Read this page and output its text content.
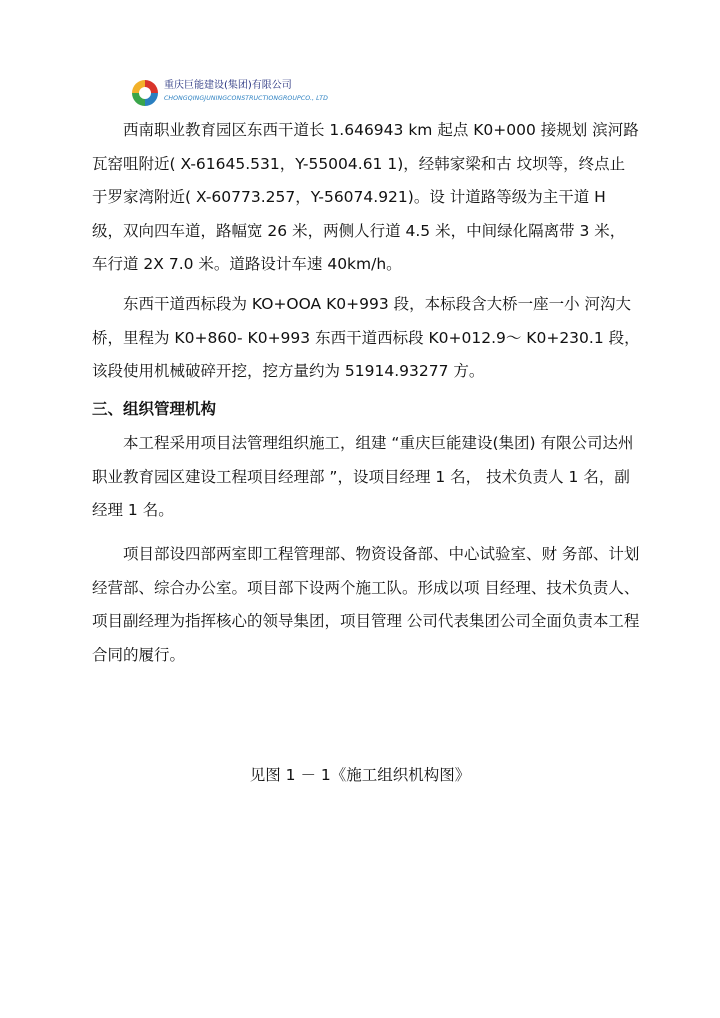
重庆巨能建设(集团)有限公司
CHONGQINGJUNINGCONSTRUCTIONGROUPCO., LTD

西南职业教育园区东西干道长 1.646943 km 起点 K0+000 接规划 滨河路瓦窑咀附近( X-61645.531，Y-55004.61 1)，经韩家梁和古 坟坝等，终点止于罗家湾附近( X-60773.257，Y-56074.921)。设 计道路等级为主干道 H 级，双向四车道，路幅宽 26 米，两侧人行道 4.5 米，中间绿化隔离带 3 米，车行道 2X 7.0 米。道路设计车速 40km/h。

东西干道西标段为 KO+OOA K0+993 段，本标段含大桥一座一小 河沟大桥，里程为 K0+860- K0+993 东西干道西标段 K0+012.9～ K0+230.1 段，该段使用机械破碎开挖，挖方量约为 51914.93277 方。

三、组织管理机构

本工程采用项目法管理组织施工，组建 “重庆巨能建设(集团) 有限公司达州职业教育园区建设工程项目经理部 ”，设项目经理 1 名， 技术负责人 1 名，副经理 1 名。

项目部设四部两室即工程管理部、物资设备部、中心试验室、财 务部、计划经营部、综合办公室。项目部下设两个施工队。形成以项 目经理、技术负责人、项目副经理为指挥核心的领导集团，项目管理 公司代表集团公司全面负责本工程合同的履行。

见图 1 － 1《施工组织机构图》
